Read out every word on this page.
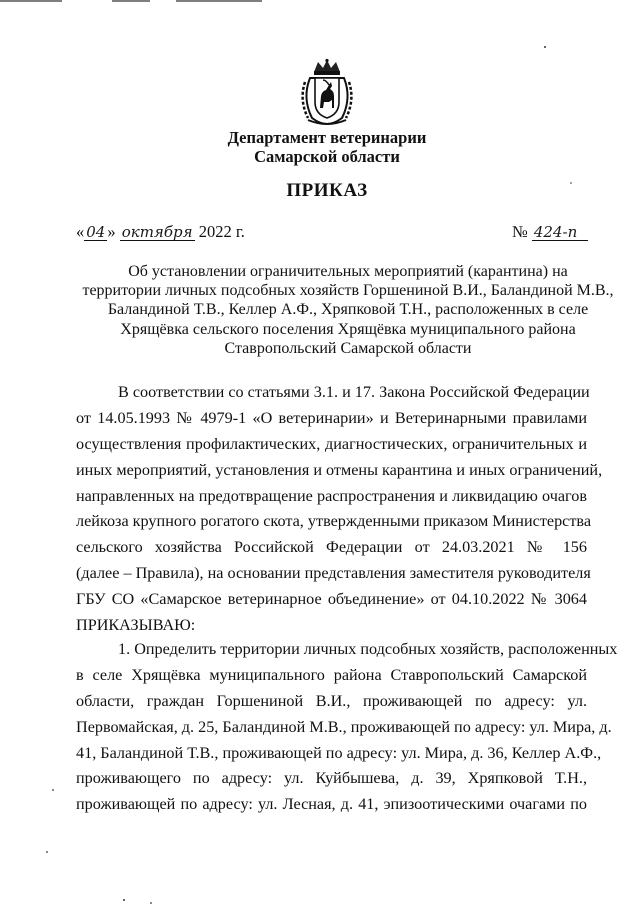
Департамент ветеринарии
Самарской области
ПРИКАЗ
« 04 » октября 2022 г.	№ 424-п
Об установлении ограничительных мероприятий (карантина) на
территории личных подсобных хозяйств Горшениной В.И., Баландиной М.В.,
Баландиной Т.В., Келлер А.Ф., Хряпковой Т.Н., расположенных в селе
Хрящёвка сельского поселения Хрящёвка муниципального района
Ставропольский Самарской области
В соответствии со статьями 3.1. и 17. Закона Российской Федерации
от 14.05.1993 № 4979-1 «О ветеринарии» и Ветеринарными правилами
осуществления профилактических, диагностических, ограничительных и
иных мероприятий, установления и отмены карантина и иных ограничений,
направленных на предотвращение распространения и ликвидацию очагов
лейкоза крупного рогатого скота, утвержденными приказом Министерства
сельского хозяйства Российской Федерации от 24.03.2021 № 156
(далее – Правила), на основании представления заместителя руководителя
ГБУ СО «Самарское ветеринарное объединение» от 04.10.2022 № 3064
ПРИКАЗЫВАЮ:
1. Определить территории личных подсобных хозяйств, расположенных
в селе Хрящёвка муниципального района Ставропольский Самарской
области, граждан Горшениной В.И., проживающей по адресу: ул.
Первомайская, д. 25, Баландиной М.В., проживающей по адресу: ул. Мира, д.
41, Баландиной Т.В., проживающей по адресу: ул. Мира, д. 36, Келлер А.Ф.,
проживающего по адресу: ул. Куйбышева, д. 39, Хряпковой Т.Н.,
проживающей по адресу: ул. Лесная, д. 41, эпизоотическими очагами по
